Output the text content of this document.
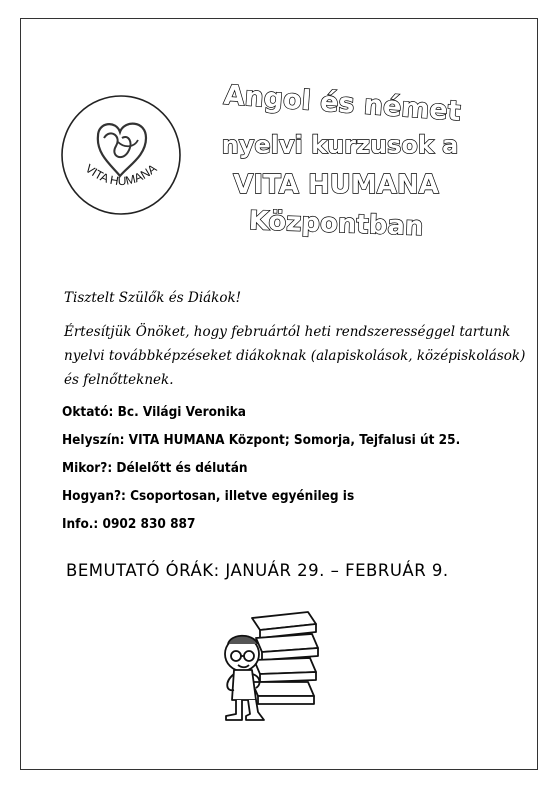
VITA HUMANA
Angol és német
nyelvi kurzusok a
VITA HUMANA
Központban
Tisztelt Szülők és Diákok!

Értesítjük Önöket, hogy februártól heti rendszerességgel tartunk
nyelvi továbbképzéseket diákoknak (alapiskolások, középiskolások)
és felnőtteknek.

Oktató: Bc. Világi Veronika
Helyszín: VITA HUMANA Központ; Somorja, Tejfalusi út 25.
Mikor?: Délelőtt és délután
Hogyan?: Csoportosan, illetve egyénileg is
Info.: 0902 830 887
BEMUTATÓ ÓRÁK: JANUÁR 29. – FEBRUÁR 9.
